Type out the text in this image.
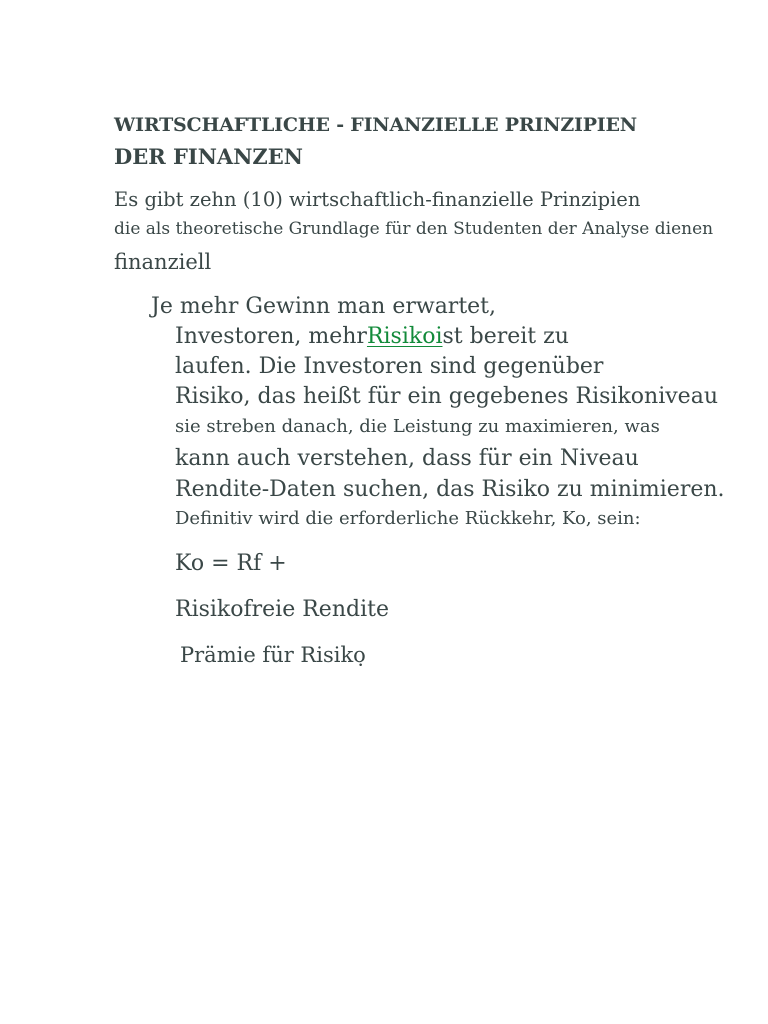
WIRTSCHAFTLICHE - FINANZIELLE PRINZIPIEN

DER FINANZEN

Es gibt zehn (10) wirtschaftlich-finanzielle Prinzipien

die als theoretische Grundlage für den Studenten der Analyse dienen

finanziell

Je mehr Gewinn man erwartet,

Investoren, mehrRisikoist bereit zu

laufen. Die Investoren sind gegenüber

Risiko, das heißt für ein gegebenes Risikoniveau

sie streben danach, die Leistung zu maximieren, was

kann auch verstehen, dass für ein Niveau

Rendite-Daten suchen, das Risiko zu minimieren.

Definitiv wird die erforderliche Rückkehr, Ko, sein:

Ko = Rf +

Risikofreie Rendite

Prämie für Risiko
